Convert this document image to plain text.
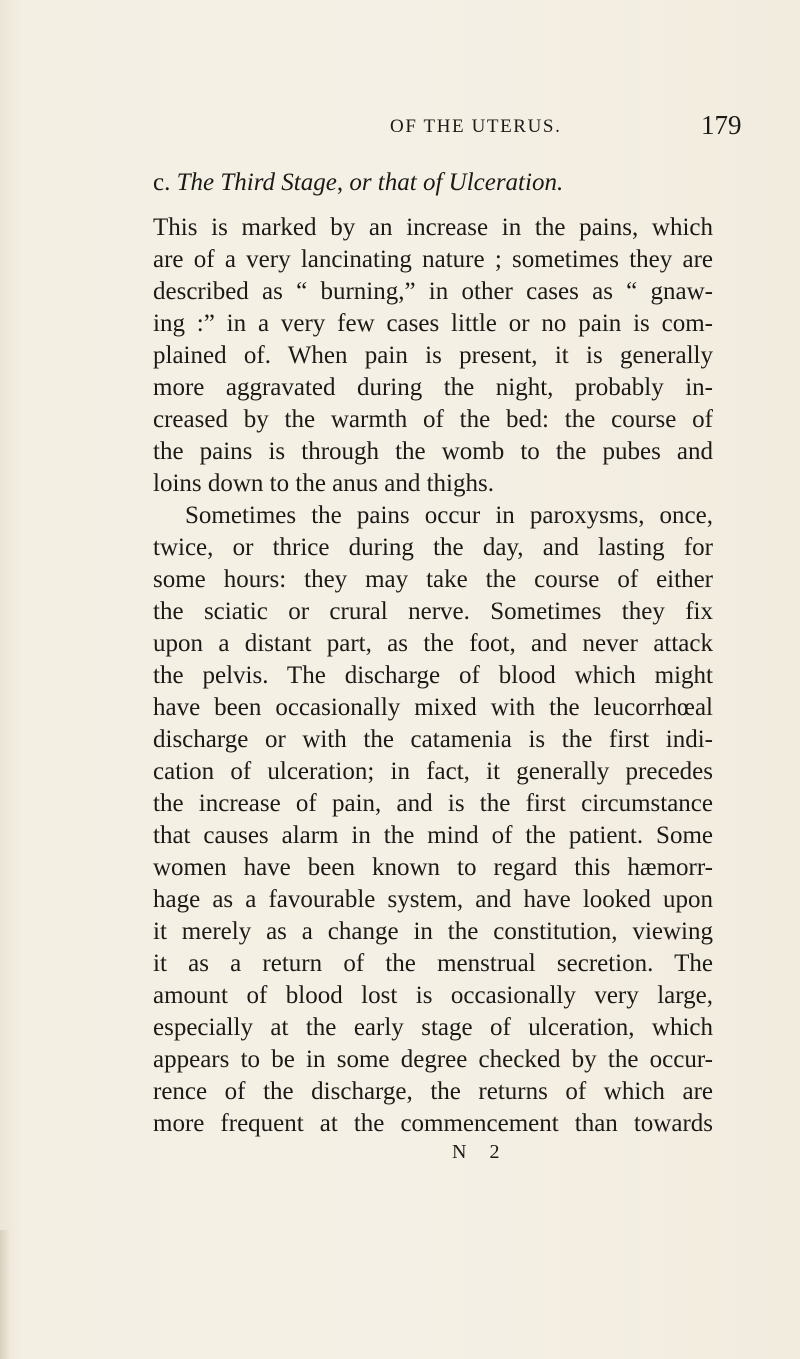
OF THE UTERUS.	179
c. The Third Stage, or that of Ulceration.
This is marked by an increase in the pains, which
are of a very lancinating nature ; sometimes they are
described as “ burning,” in other cases as “ gnaw-
ing :” in a very few cases little or no pain is com-
plained of. When pain is present, it is generally
more aggravated during the night, probably in-
creased by the warmth of the bed: the course of
the pains is through the womb to the pubes and
loins down to the anus and thighs.
Sometimes the pains occur in paroxysms, once,
twice, or thrice during the day, and lasting for
some hours: they may take the course of either
the sciatic or crural nerve. Sometimes they fix
upon a distant part, as the foot, and never attack
the pelvis. The discharge of blood which might
have been occasionally mixed with the leucorrhœal
discharge or with the catamenia is the first indi-
cation of ulceration; in fact, it generally precedes
the increase of pain, and is the first circumstance
that causes alarm in the mind of the patient. Some
women have been known to regard this hæmorr-
hage as a favourable system, and have looked upon
it merely as a change in the constitution, viewing
it as a return of the menstrual secretion. The
amount of blood lost is occasionally very large,
especially at the early stage of ulceration, which
appears to be in some degree checked by the occur-
rence of the discharge, the returns of which are
more frequent at the commencement than towards
N 2
